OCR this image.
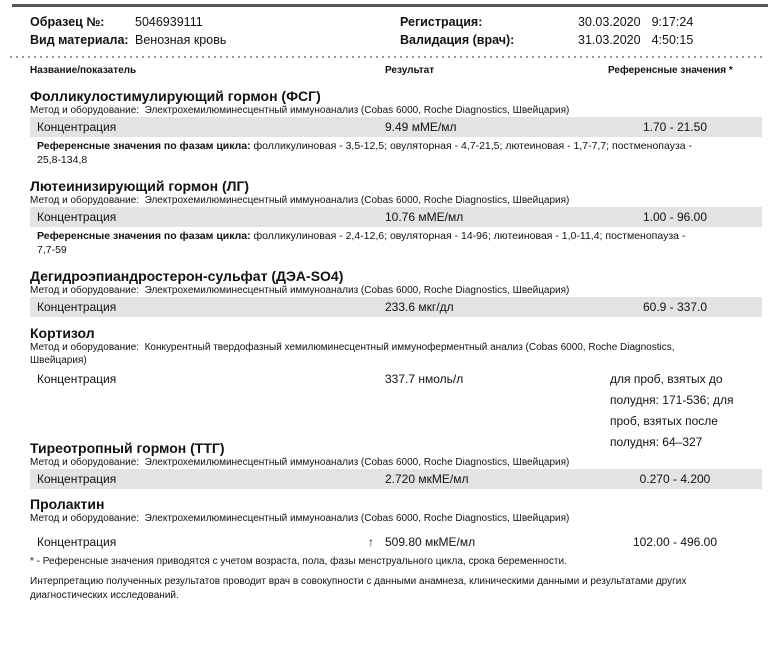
Образец №:	5046939111
Вид материала: Венозная кровь
Регистрация:	30.03.2020 9:17:24
Валидация (врач):	31.03.2020 4:50:15
Название/показатель	Результат	Референсные значения *
Фолликулостимулирующий гормон (ФСГ)
Метод и оборудование:  Электрохемилюминесцентный иммуноанализ (Cobas 6000, Roche Diagnostics, Швейцария)
Концентрация	9.49 мМЕ/мл	1.70 - 21.50
Референсные значения по фазам цикла: фолликулиновая - 3,5-12,5; овуляторная - 4,7-21,5; лютеиновая - 1,7-7,7; постменопауза - 25,8-134,8
Лютеинизирующий гормон (ЛГ)
Метод и оборудование:  Электрохемилюминесцентный иммуноанализ (Cobas 6000, Roche Diagnostics, Швейцария)
Концентрация	10.76 мМЕ/мл	1.00 - 96.00
Референсные значения по фазам цикла: фолликулиновая - 2,4-12,6; овуляторная - 14-96; лютеиновая - 1,0-11,4; постменопауза - 7,7-59
Дегидроэпиандростерон-сульфат (ДЭА-SO4)
Метод и оборудование:  Электрохемилюминесцентный иммуноанализ (Cobas 6000, Roche Diagnostics, Швейцария)
Концентрация	233.6 мкг/дл	60.9 - 337.0
Кортизол
Метод и оборудование:  Конкурентный твердофазный хемилюминесцентный иммуноферментный анализ (Cobas 6000, Roche Diagnostics, Швейцария)
Концентрация	337.7 нмоль/л	для проб, взятых до полудня: 171-536; для проб, взятых после полудня: 64–327
Тиреотропный гормон (ТТГ)
Метод и оборудование:  Электрохемилюминесцентный иммуноанализ (Cobas 6000, Roche Diagnostics, Швейцария)
Концентрация	2.720 мкМЕ/мл	0.270 - 4.200
Пролактин
Метод и оборудование:  Электрохемилюминесцентный иммуноанализ (Cobas 6000, Roche Diagnostics, Швейцария)
Концентрация	↑ 509.80 мкМЕ/мл	102.00 - 496.00

* - Референсные значения приводятся с учетом возраста, пола, фазы менструального цикла, срока беременности.

Интерпретацию полученных результатов проводит врач в совокупности с данными анамнеза, клиническими данными и результатами других диагностических исследований.
